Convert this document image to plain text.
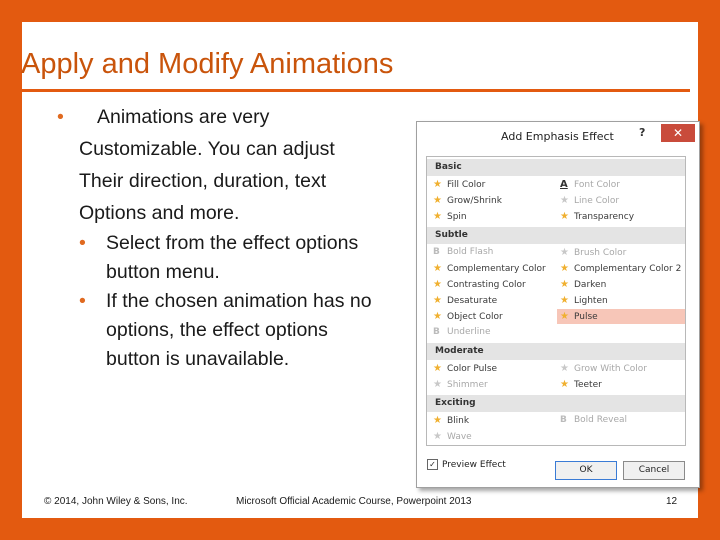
Apply and Modify Animations

• Animations are very

Customizable. You can adjust

Their direction, duration, text

Options and more.

• Select from the effect options button menu.

• If the chosen animation has no options, the effect options button is unavailable.

Add Emphasis Effect ?	✕
Basic
★ Fill Color	A Font Color
★ Grow/Shrink	★ Line Color
★ Spin	★ Transparency
Subtle
B Bold Flash	★ Brush Color
★ Complementary Color ★ Complementary Color 2
★ Contrasting Color	★ Darken
★ Desaturate	★ Lighten
★ Object Color	★ Pulse
B Underline
Moderate
★ Color Pulse	★ Grow With Color
★ Shimmer	★ Teeter
Exciting
★ Blink	B Bold Reveal
★ Wave
✓ Preview Effect	OK	Cancel
© 2014, John Wiley & Sons, Inc.	Microsoft Official Academic Course, Powerpoint 2013	12
